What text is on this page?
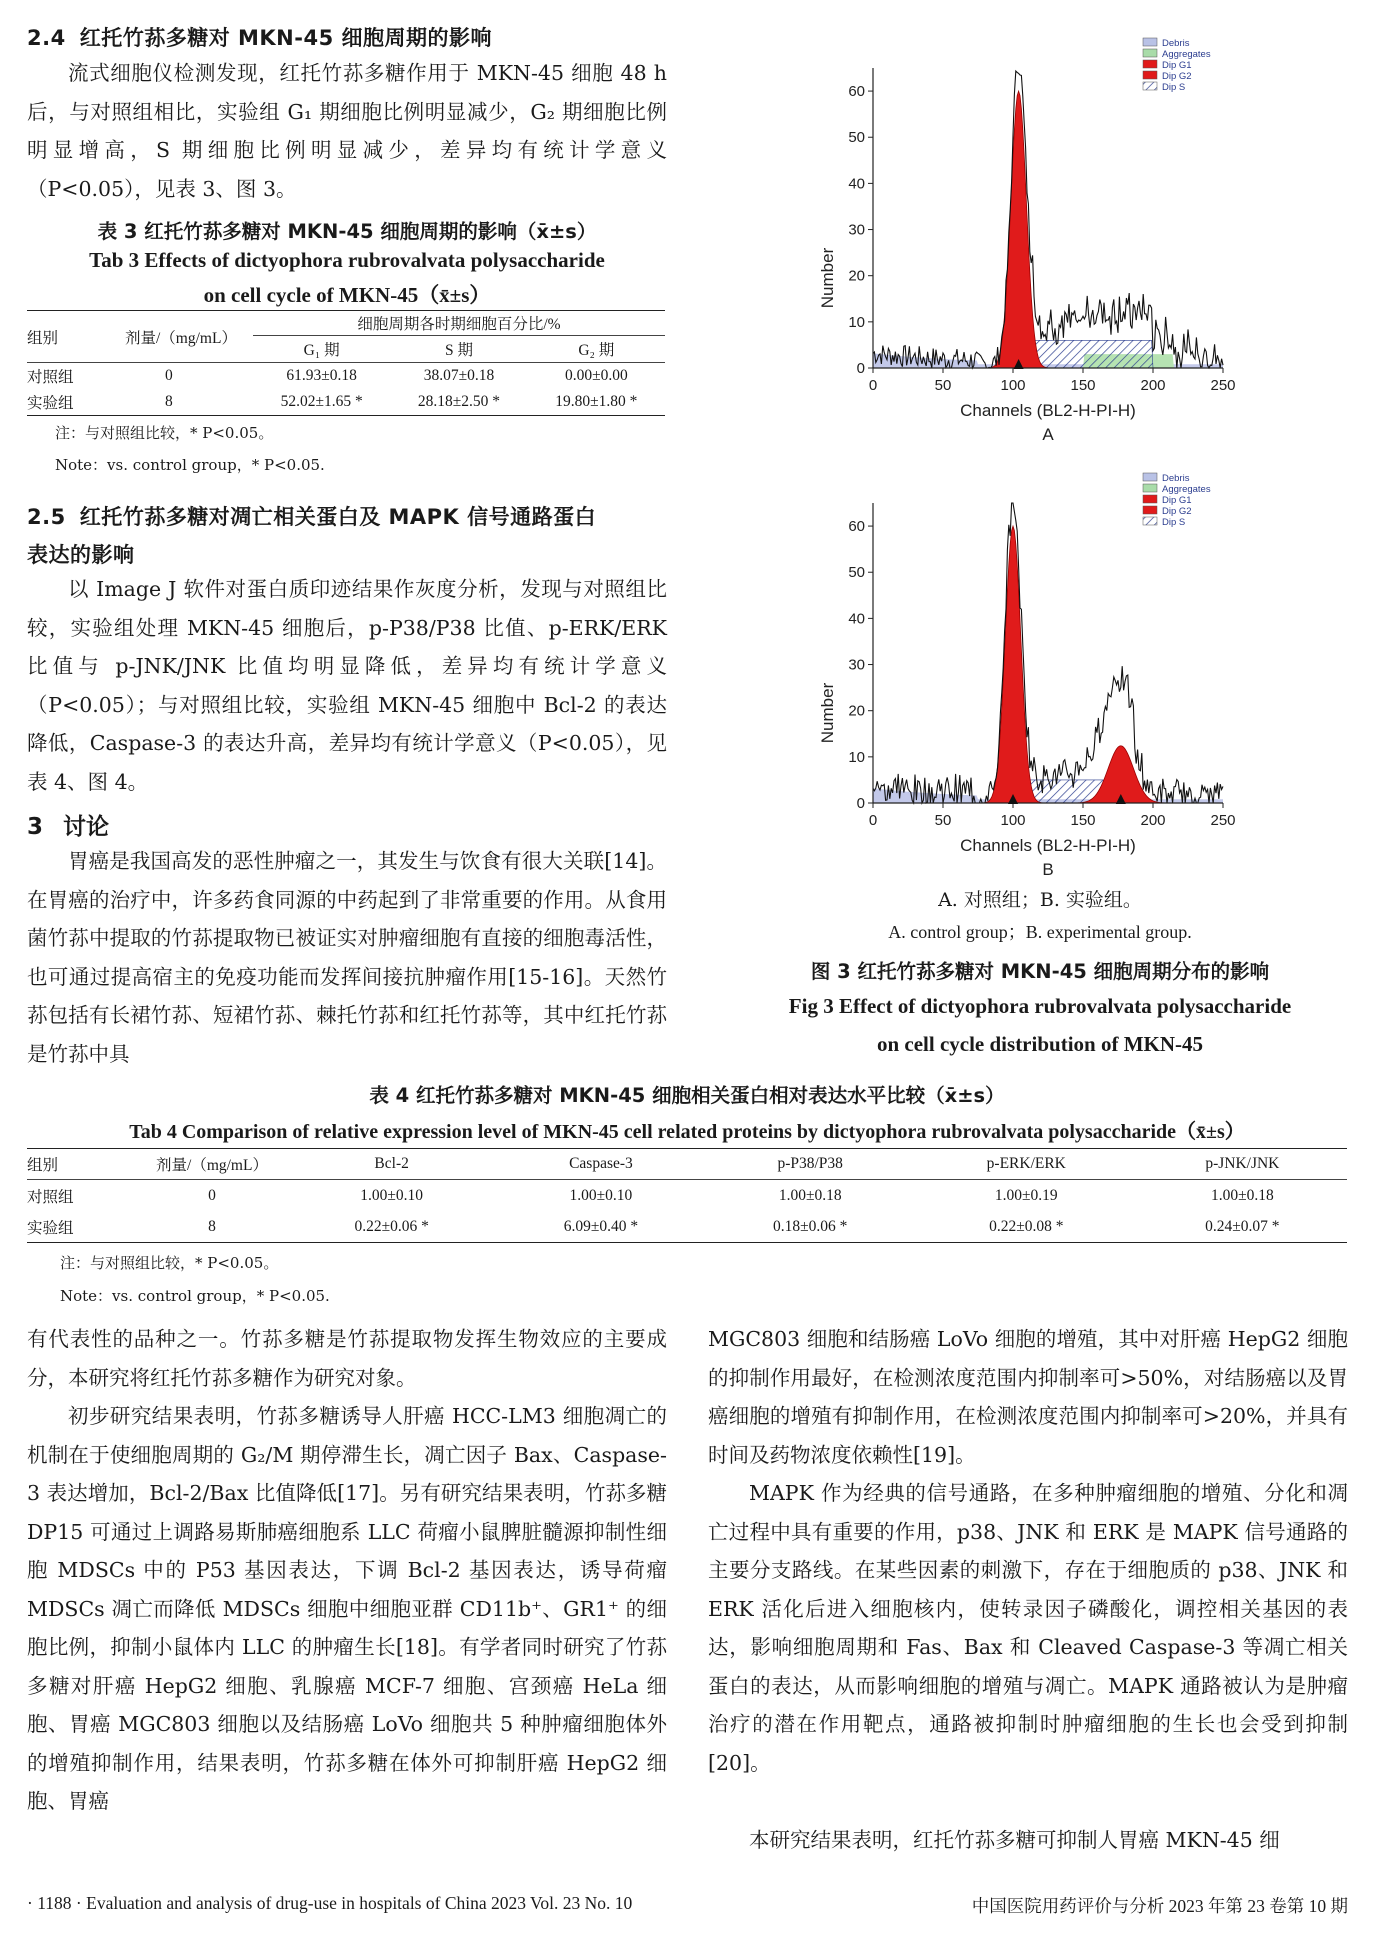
2.4 红托竹荪多糖对 MKN-45 细胞周期的影响

流式细胞仪检测发现，红托竹荪多糖作用于 MKN-45 细胞 48 h 后，与对照组相比，实验组 G₁ 期细胞比例明显减少，G₂ 期细胞比例明显增高，S 期细胞比例明显减少，差异均有统计学意义（P<0.05），见表 3、图 3。

表 3 红托竹荪多糖对 MKN-45 细胞周期的影响（x̄±s）
Tab 3 Effects of dictyophora rubrovalvata polysaccharide
on cell cycle of MKN-45（x̄±s）
组别	剂量/（mg/mL）	细胞周期各时期细胞百分比/%		
		G₁ 期	S 期	G₂ 期
对照组	0	61.93±0.18	38.07±0.18	0.00±0.00
实验组	8	52.02±1.65 *	28.18±2.50 *	19.80±1.80 *
注：与对照组比较，* P<0.05。
Note：vs. control group，* P<0.05.
2.5 红托竹荪多糖对凋亡相关蛋白及 MAPK 信号通路蛋白
表达的影响

以 Image J 软件对蛋白质印迹结果作灰度分析，发现与对照组比较，实验组处理 MKN-45 细胞后，p-P38/P38 比值、p-ERK/ERK 比值与 p-JNK/JNK 比值均明显降低，差异均有统计学意义（P<0.05）；与对照组比较，实验组 MKN-45 细胞中 Bcl-2 的表达降低，Caspase-3 的表达升高，差异均有统计学意义（P<0.05），见表 4、图 4。

3 讨论

胃癌是我国高发的恶性肿瘤之一，其发生与饮食有很大关联[14]。在胃癌的治疗中，许多药食同源的中药起到了非常重要的作用。从食用菌竹荪中提取的竹荪提取物已被证实对肿瘤细胞有直接的细胞毒活性，也可通过提高宿主的免疫功能而发挥间接抗肿瘤作用[15-16]。天然竹荪包括有长裙竹荪、短裙竹荪、棘托竹荪和红托竹荪等，其中红托竹荪是竹荪中具

0	50	100	150	200	250
0
10
20
30
40
50
60
Channels (BL2-H-PI-H)
Number
A
Debris
Aggregates
Dip G1
Dip G2
Dip S
0	50	100	150	200	250
0
10
20
30
40
50
60
Channels (BL2-H-PI-H)
Number
B
Debris
Aggregates
Dip G1
Dip G2
Dip S
A. 对照组；B. 实验组。
A. control group；B. experimental group.
图 3 红托竹荪多糖对 MKN-45 细胞周期分布的影响
Fig 3 Effect of dictyophora rubrovalvata polysaccharide
on cell cycle distribution of MKN-45
表 4 红托竹荪多糖对 MKN-45 细胞相关蛋白相对表达水平比较（x̄±s）
Tab 4 Comparison of relative expression level of MKN-45 cell related proteins by dictyophora rubrovalvata polysaccharide（x̄±s）
组别	剂量/（mg/mL）	Bcl-2	Caspase-3	p-P38/P38	p-ERK/ERK	p-JNK/JNK
对照组	0	1.00±0.10	1.00±0.10	1.00±0.18	1.00±0.19	1.00±0.18
实验组	8	0.22±0.06 *	6.09±0.40 *	0.18±0.06 *	0.22±0.08 *	0.24±0.07 *
注：与对照组比较，* P<0.05。
Note：vs. control group，* P<0.05.

有代表性的品种之一。竹荪多糖是竹荪提取物发挥生物效应的主要成分，本研究将红托竹荪多糖作为研究对象。

初步研究结果表明，竹荪多糖诱导人肝癌 HCC-LM3 细胞凋亡的机制在于使细胞周期的 G₂/M 期停滞生长，凋亡因子 Bax、Caspase-3 表达增加，Bcl-2/Bax 比值降低[17]。另有研究结果表明，竹荪多糖 DP15 可通过上调路易斯肺癌细胞系 LLC 荷瘤小鼠脾脏髓源抑制性细胞 MDSCs 中的 P53 基因表达，下调 Bcl-2 基因表达，诱导荷瘤 MDSCs 凋亡而降低 MDSCs 细胞中细胞亚群 CD11b⁺、GR1⁺ 的细胞比例，抑制小鼠体内 LLC 的肿瘤生长[18]。有学者同时研究了竹荪多糖对肝癌 HepG2 细胞、乳腺癌 MCF-7 细胞、宫颈癌 HeLa 细胞、胃癌 MGC803 细胞以及结肠癌 LoVo 细胞共 5 种肿瘤细胞体外的增殖抑制作用，结果表明，竹荪多糖在体外可抑制肝癌 HepG2 细胞、胃癌

MGC803 细胞和结肠癌 LoVo 细胞的增殖，其中对肝癌 HepG2 细胞的抑制作用最好，在检测浓度范围内抑制率可>50%，对结肠癌以及胃癌细胞的增殖有抑制作用，在检测浓度范围内抑制率可>20%，并具有时间及药物浓度依赖性[19]。

MAPK 作为经典的信号通路，在多种肿瘤细胞的增殖、分化和凋亡过程中具有重要的作用，p38、JNK 和 ERK 是 MAPK 信号通路的主要分支路线。在某些因素的刺激下，存在于细胞质的 p38、JNK 和 ERK 活化后进入细胞核内，使转录因子磷酸化，调控相关基因的表达，影响细胞周期和 Fas、Bax 和 Cleaved Caspase-3 等凋亡相关蛋白的表达，从而影响细胞的增殖与凋亡。MAPK 通路被认为是肿瘤治疗的潜在作用靶点，通路被抑制时肿瘤细胞的生长也会受到抑制[20]。

本研究结果表明，红托竹荪多糖可抑制人胃癌 MKN-45 细

· 1188 · Evaluation and analysis of drug-use in hospitals of China 2023 Vol. 23 No. 10	中国医院用药评价与分析 2023 年第 23 卷第 10 期
